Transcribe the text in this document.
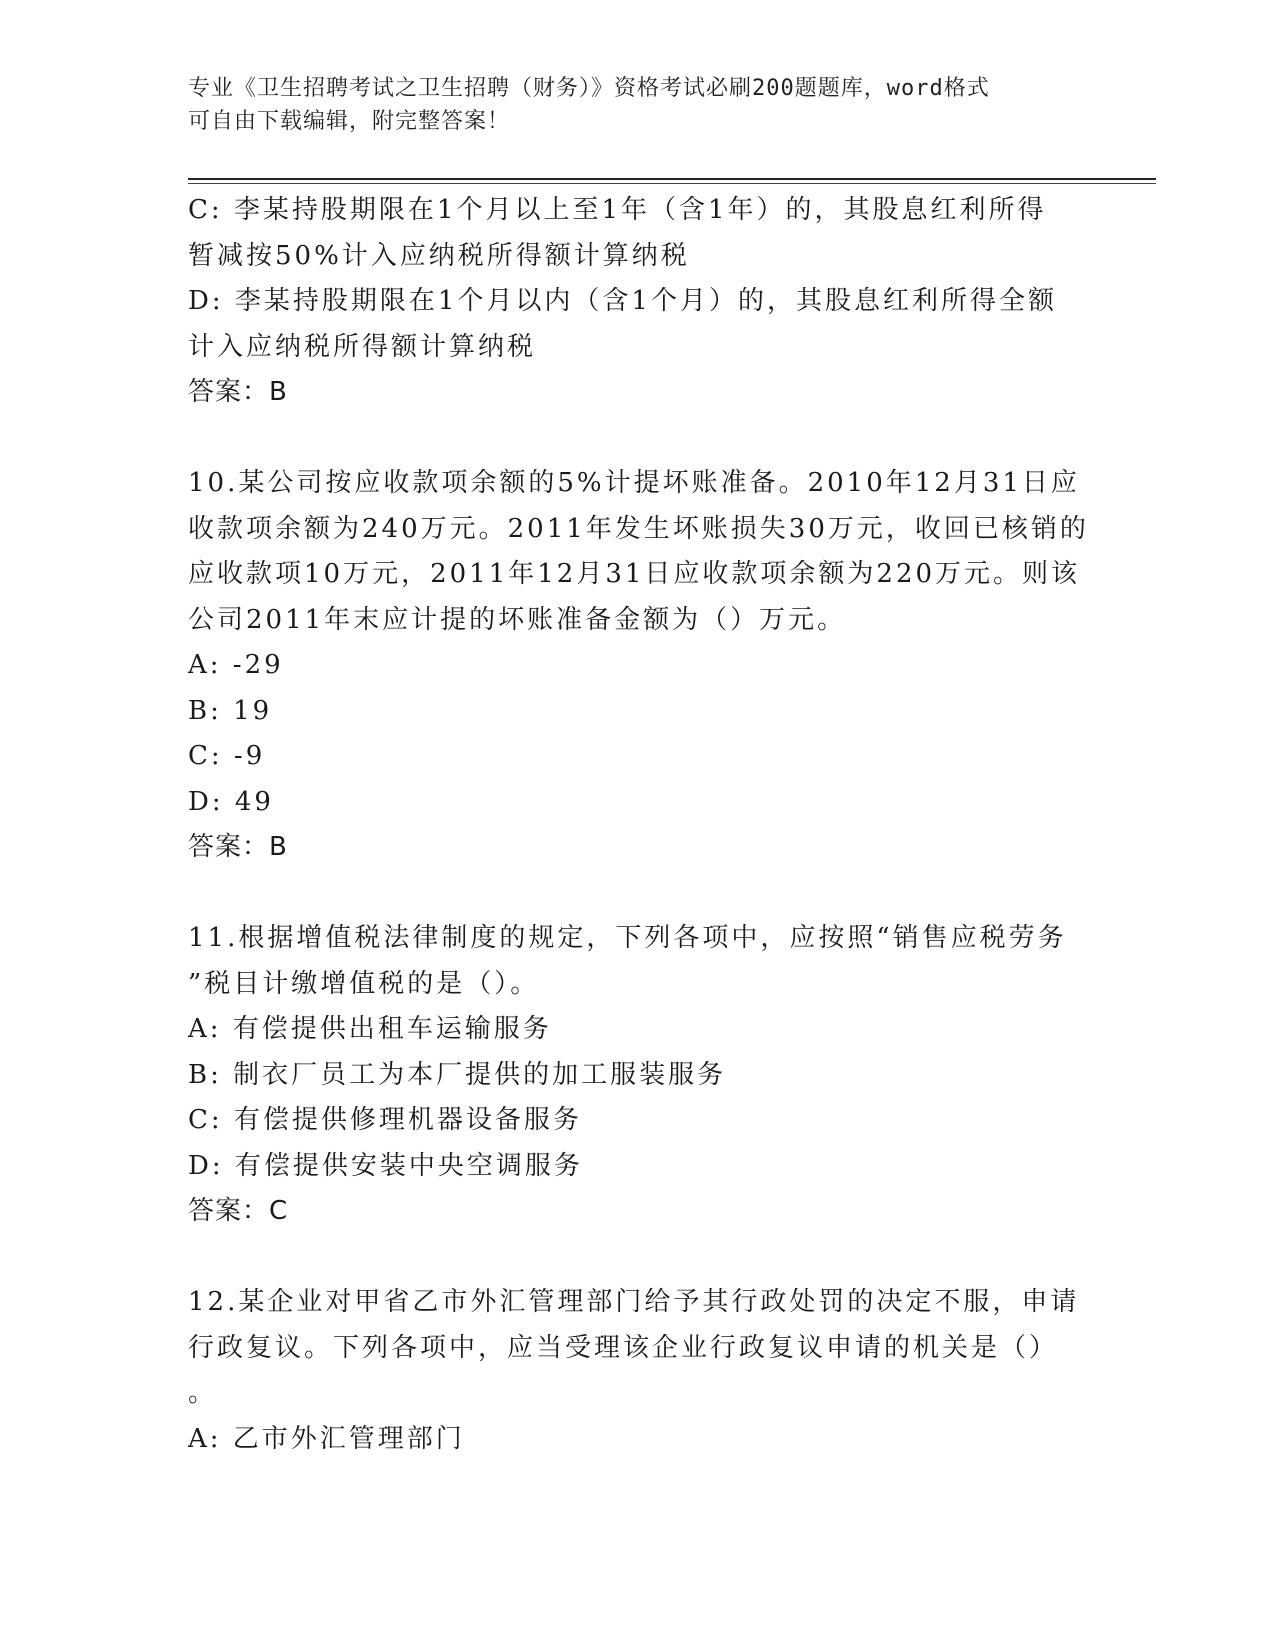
专业《卫生招聘考试之卫生招聘（财务）》资格考试必刷200题题库，word格式
可自由下载编辑，附完整答案！
C: 李某持股期限在1个月以上至1年（含1年）的，其股息红利所得
暂减按50%计入应纳税所得额计算纳税
D: 李某持股期限在1个月以内（含1个月）的，其股息红利所得全额
计入应纳税所得额计算纳税
答案：B
10.某公司按应收款项余额的5%计提坏账准备。2010年12月31日应
收款项余额为240万元。2011年发生坏账损失30万元，收回已核销的
应收款项10万元，2011年12月31日应收款项余额为220万元。则该
公司2011年末应计提的坏账准备金额为（）万元。
A: -29
B: 19
C: -9
D: 49
答案：B
11.根据增值税法律制度的规定，下列各项中，应按照“销售应税劳务
”税目计缴增值税的是（）。
A: 有偿提供出租车运输服务
B: 制衣厂员工为本厂提供的加工服装服务
C: 有偿提供修理机器设备服务
D: 有偿提供安装中央空调服务
答案：C
12.某企业对甲省乙市外汇管理部门给予其行政处罚的决定不服，申请
行政复议。下列各项中，应当受理该企业行政复议申请的机关是（）
。
A: 乙市外汇管理部门
